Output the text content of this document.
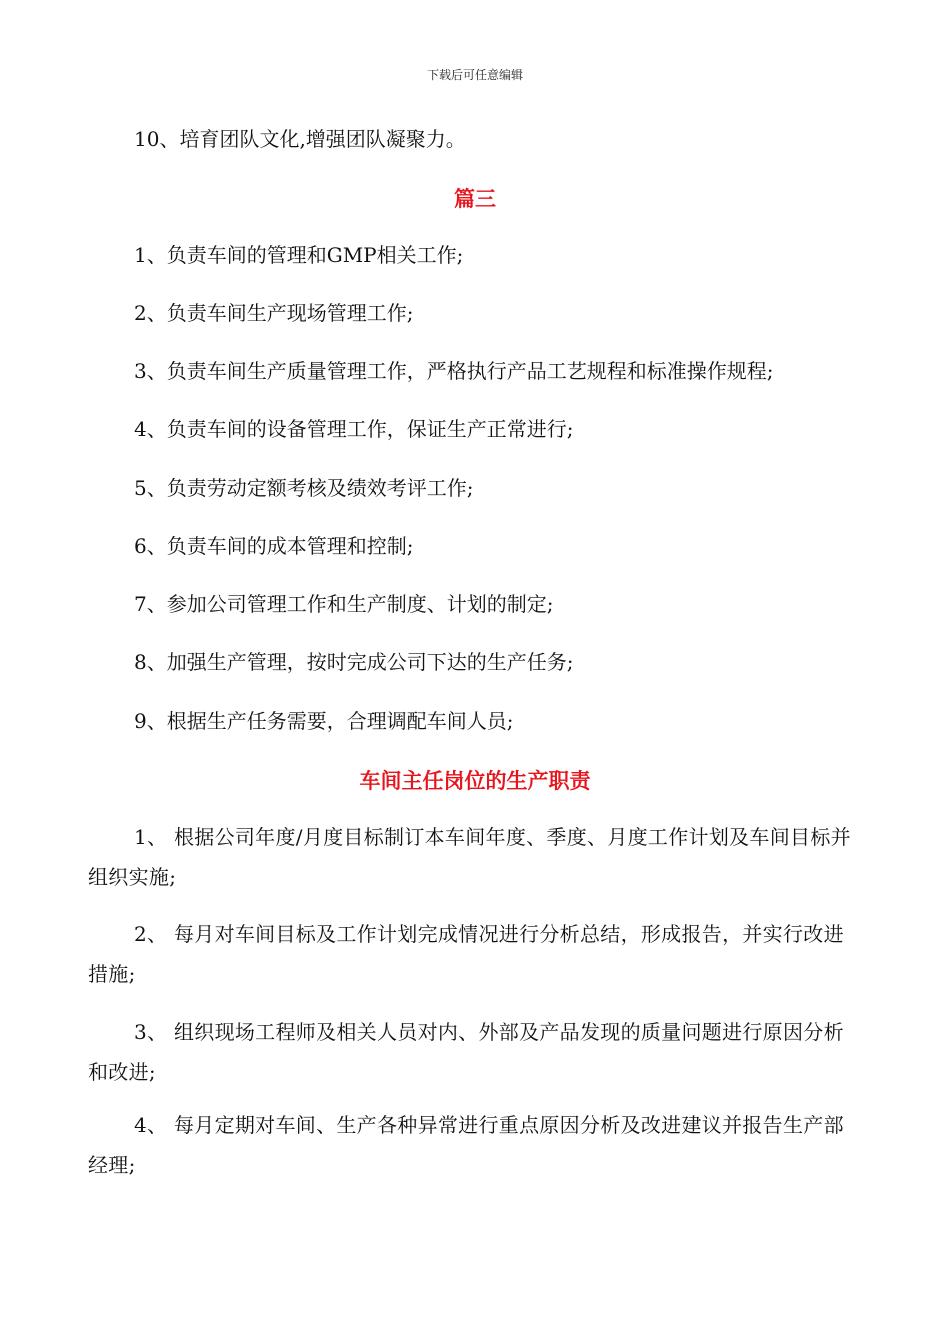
下载后可任意编辑
10、培育团队文化,增强团队凝聚力。
篇三
1、负责车间的管理和GMP相关工作;
2、负责车间生产现场管理工作;
3、负责车间生产质量管理工作，严格执行产品工艺规程和标准操作规程;
4、负责车间的设备管理工作，保证生产正常进行;
5、负责劳动定额考核及绩效考评工作;
6、负责车间的成本管理和控制;
7、参加公司管理工作和生产制度、计划的制定;
8、加强生产管理，按时完成公司下达的生产任务;
9、根据生产任务需要，合理调配车间人员;
车间主任岗位的生产职责
1、 根据公司年度/月度目标制订本车间年度、季度、月度工作计划及车间目标并组织实施;
2、 每月对车间目标及工作计划完成情况进行分析总结，形成报告，并实行改进措施;
3、 组织现场工程师及相关人员对内、外部及产品发现的质量问题进行原因分析和改进;
4、 每月定期对车间、生产各种异常进行重点原因分析及改进建议并报告生产部经理;
